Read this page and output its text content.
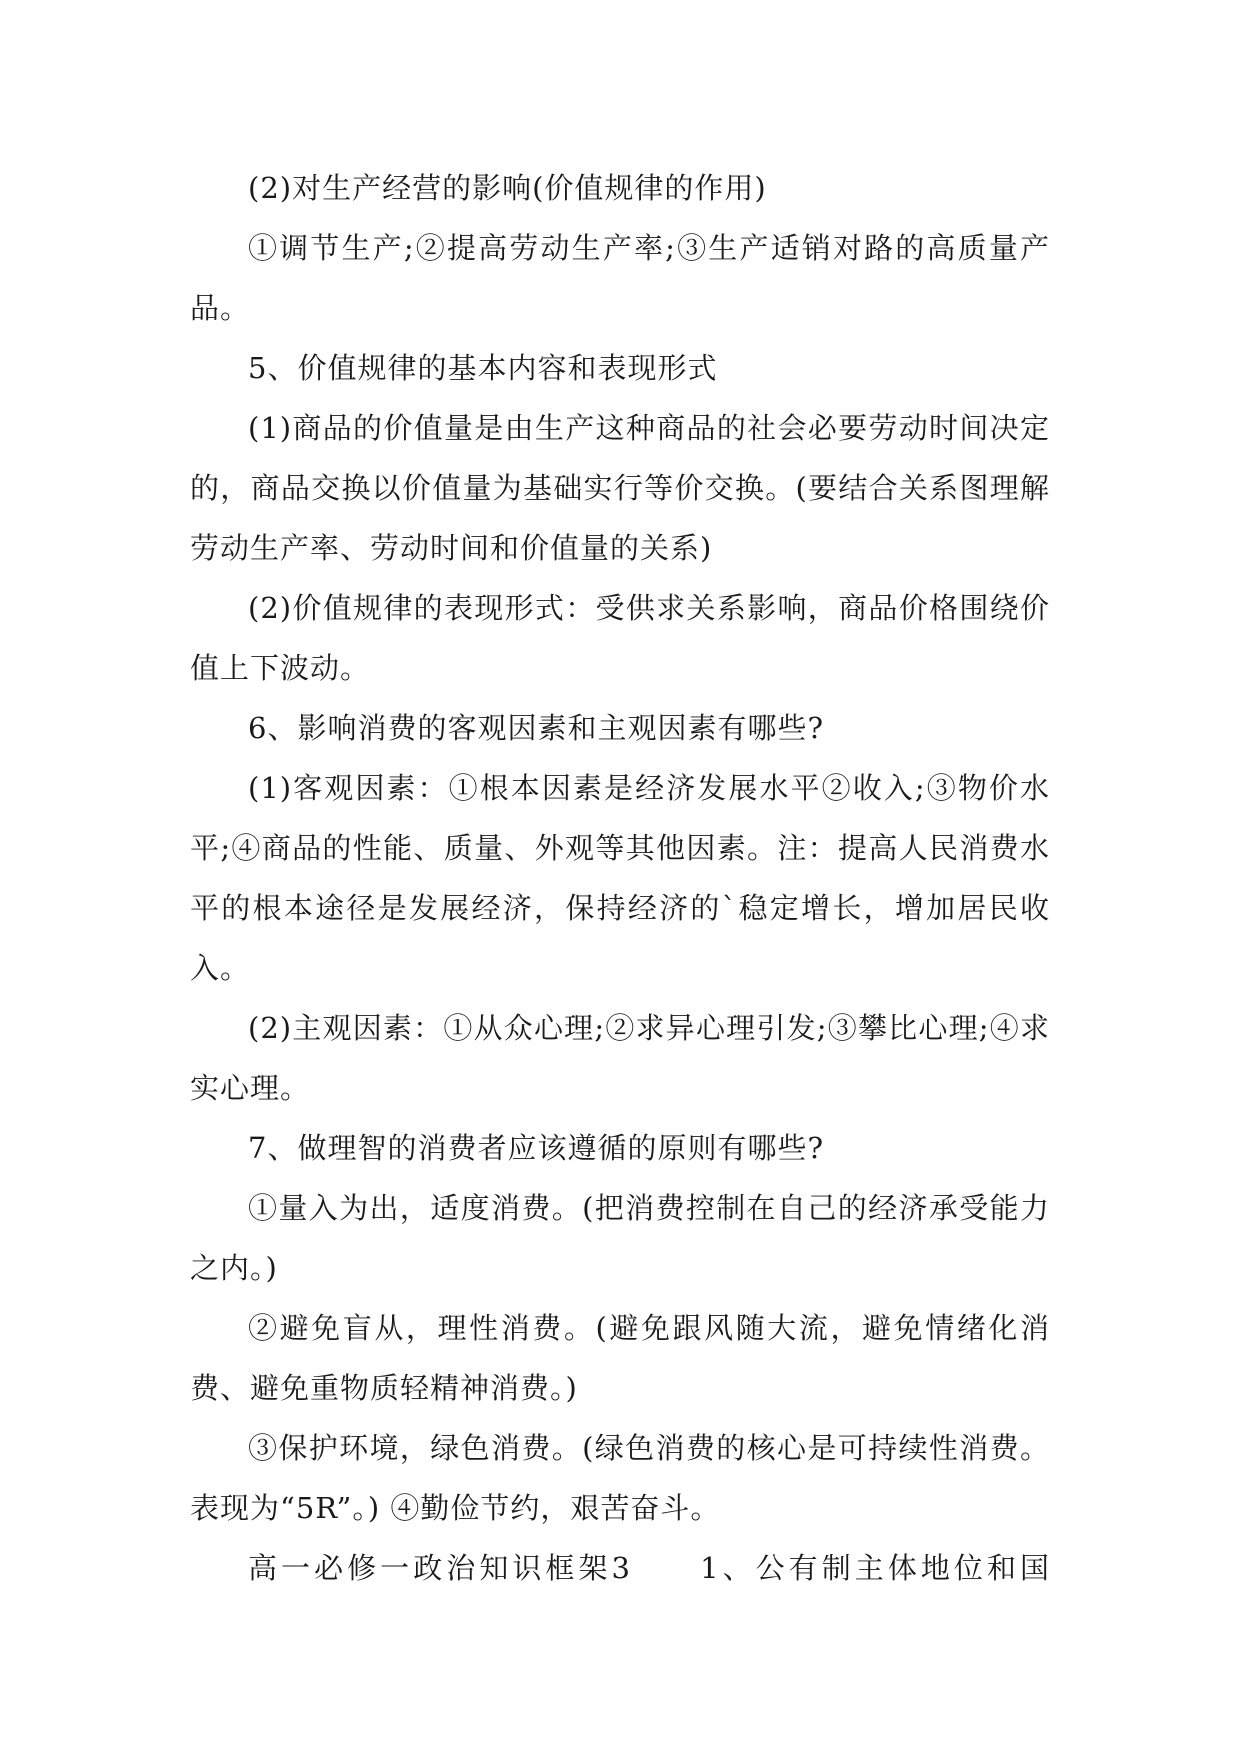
(2)对生产经营的影响(价值规律的作用)

①调节生产;②提高劳动生产率;③生产适销对路的高质量产品。

5、价值规律的基本内容和表现形式

(1)商品的价值量是由生产这种商品的社会必要劳动时间决定的，商品交换以价值量为基础实行等价交换。(要结合关系图理解劳动生产率、劳动时间和价值量的关系)

(2)价值规律的表现形式：受供求关系影响，商品价格围绕价值上下波动。

6、影响消费的客观因素和主观因素有哪些?

(1)客观因素：①根本因素是经济发展水平②收入;③物价水平;④商品的性能、质量、外观等其他因素。注：提高人民消费水平的根本途径是发展经济，保持经济的`稳定增长，增加居民收入。

(2)主观因素：①从众心理;②求异心理引发;③攀比心理;④求实心理。

7、做理智的消费者应该遵循的原则有哪些?

①量入为出，适度消费。(把消费控制在自己的经济承受能力之内。)

②避免盲从，理性消费。(避免跟风随大流，避免情绪化消费、避免重物质轻精神消费。)

③保护环境，绿色消费。(绿色消费的核心是可持续性消费。表现为“5R”。) ④勤俭节约，艰苦奋斗。

高一必修一政治知识框架3　　1、公有制主体地位和国
